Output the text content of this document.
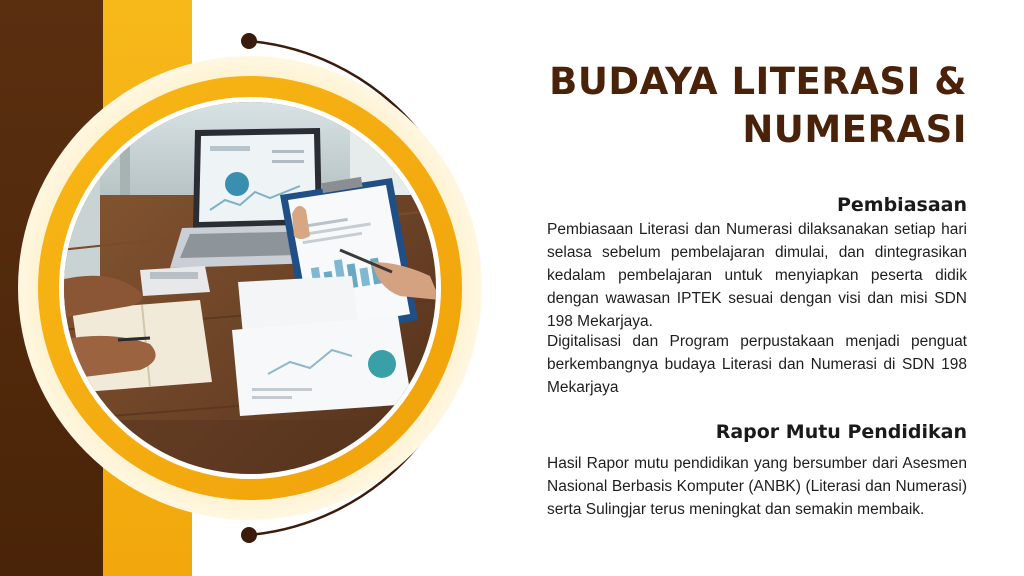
BUDAYA LITERASI & NUMERASI
Pembiasaan

Pembiasaan Literasi dan Numerasi dilaksanakan setiap hari selasa sebelum pembelajaran dimulai, dan dintegrasikan kedalam pembelajaran untuk menyiapkan peserta didik dengan wawasan IPTEK sesuai dengan visi dan misi SDN 198 Mekarjaya.

Digitalisasi dan Program perpustakaan menjadi penguat berkembangnya budaya Literasi dan Numerasi di SDN 198 Mekarjaya

Rapor Mutu Pendidikan

Hasil Rapor mutu pendidikan yang bersumber dari Asesmen Nasional Berbasis Komputer (ANBK) (Literasi dan Numerasi) serta Sulingjar terus meningkat dan semakin membaik.
